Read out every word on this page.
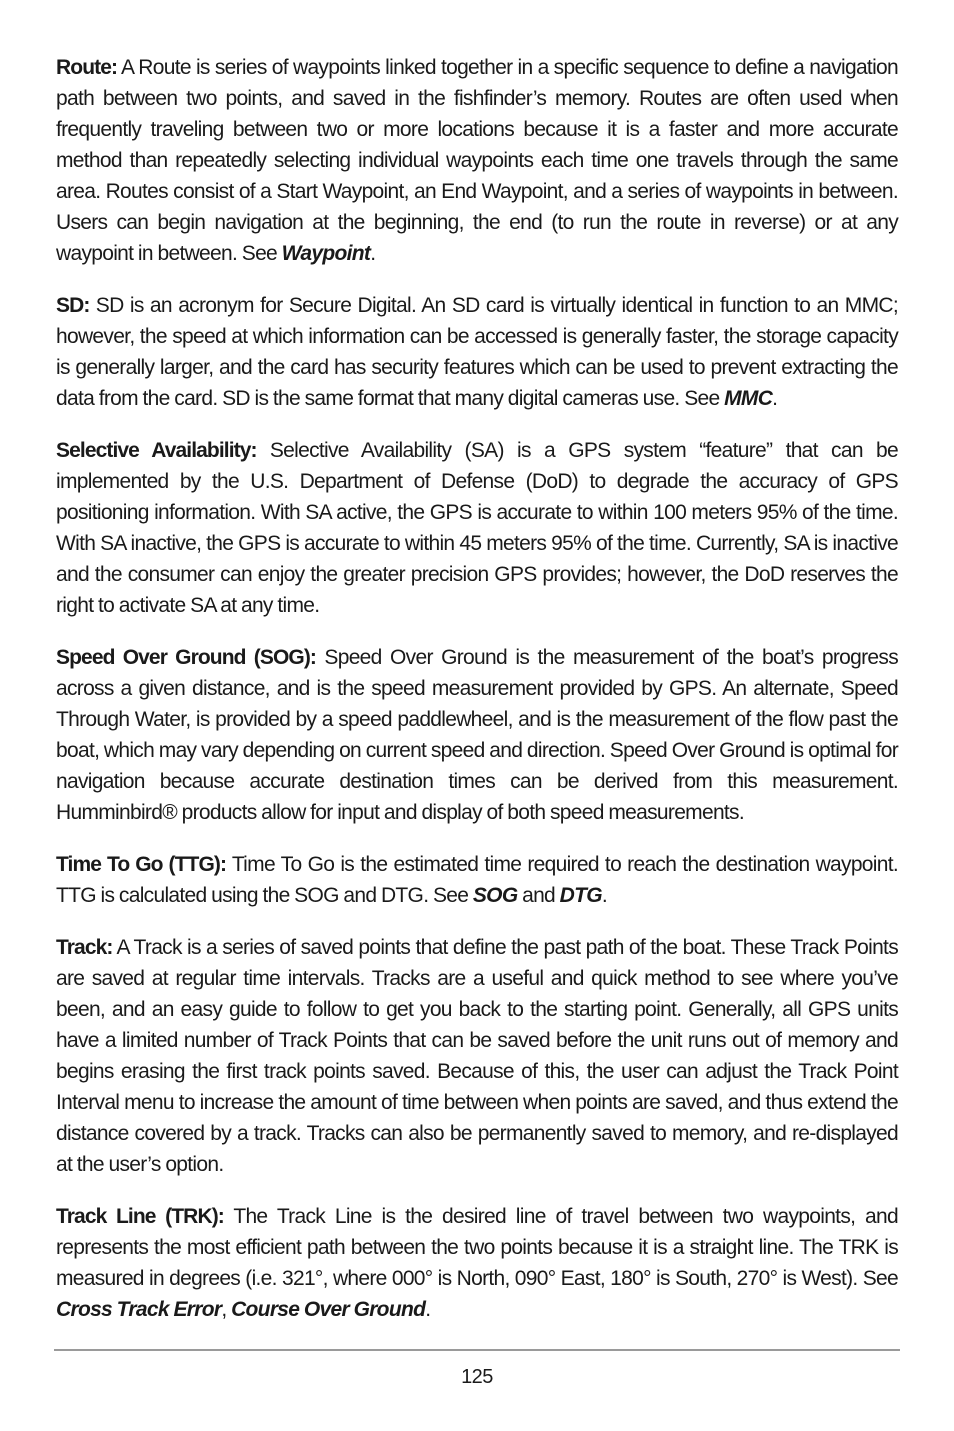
Route: A Route is series of waypoints linked together in a specific sequence to define a navigation path between two points, and saved in the fishfinder’s memory. Routes are often used when frequently traveling between two or more locations because it is a faster and more accurate method than repeatedly selecting individual waypoints each time one travels through the same area. Routes consist of a Start Waypoint, an End Waypoint, and a series of waypoints in between. Users can begin navigation at the beginning, the end (to run the route in reverse) or at any waypoint in between. See Waypoint.

SD: SD is an acronym for Secure Digital. An SD card is virtually identical in function to an MMC; however, the speed at which information can be accessed is generally faster, the storage capacity is generally larger, and the card has security features which can be used to prevent extracting the data from the card. SD is the same format that many digital cameras use. See MMC.

Selective Availability: Selective Availability (SA) is a GPS system “feature” that can be implemented by the U.S. Department of Defense (DoD) to degrade the accuracy of GPS positioning information. With SA active, the GPS is accurate to within 100 meters 95% of the time. With SA inactive, the GPS is accurate to within 45 meters 95% of the time. Currently, SA is inactive and the consumer can enjoy the greater precision GPS provides; however, the DoD reserves the right to activate SA at any time.

Speed Over Ground (SOG): Speed Over Ground is the measurement of the boat’s progress across a given distance, and is the speed measurement provided by GPS. An alternate, Speed Through Water, is provided by a speed paddlewheel, and is the measurement of the flow past the boat, which may vary depending on current speed and direction. Speed Over Ground is optimal for navigation because accurate destination times can be derived from this measurement. Humminbird® products allow for input and display of both speed measurements.

Time To Go (TTG): Time To Go is the estimated time required to reach the destination waypoint. TTG is calculated using the SOG and DTG. See SOG and DTG.

Track: A Track is a series of saved points that define the past path of the boat. These Track Points are saved at regular time intervals. Tracks are a useful and quick method to see where you’ve been, and an easy guide to follow to get you back to the starting point. Generally, all GPS units have a limited number of Track Points that can be saved before the unit runs out of memory and begins erasing the first track points saved. Because of this, the user can adjust the Track Point Interval menu to increase the amount of time between when points are saved, and thus extend the distance covered by a track. Tracks can also be permanently saved to memory, and re-displayed at the user’s option.

Track Line (TRK): The Track Line is the desired line of travel between two waypoints, and represents the most efficient path between the two points because it is a straight line. The TRK is measured in degrees (i.e. 321°, where 000° is North, 090° East, 180° is South, 270° is West). See Cross Track Error, Course Over Ground.

125
